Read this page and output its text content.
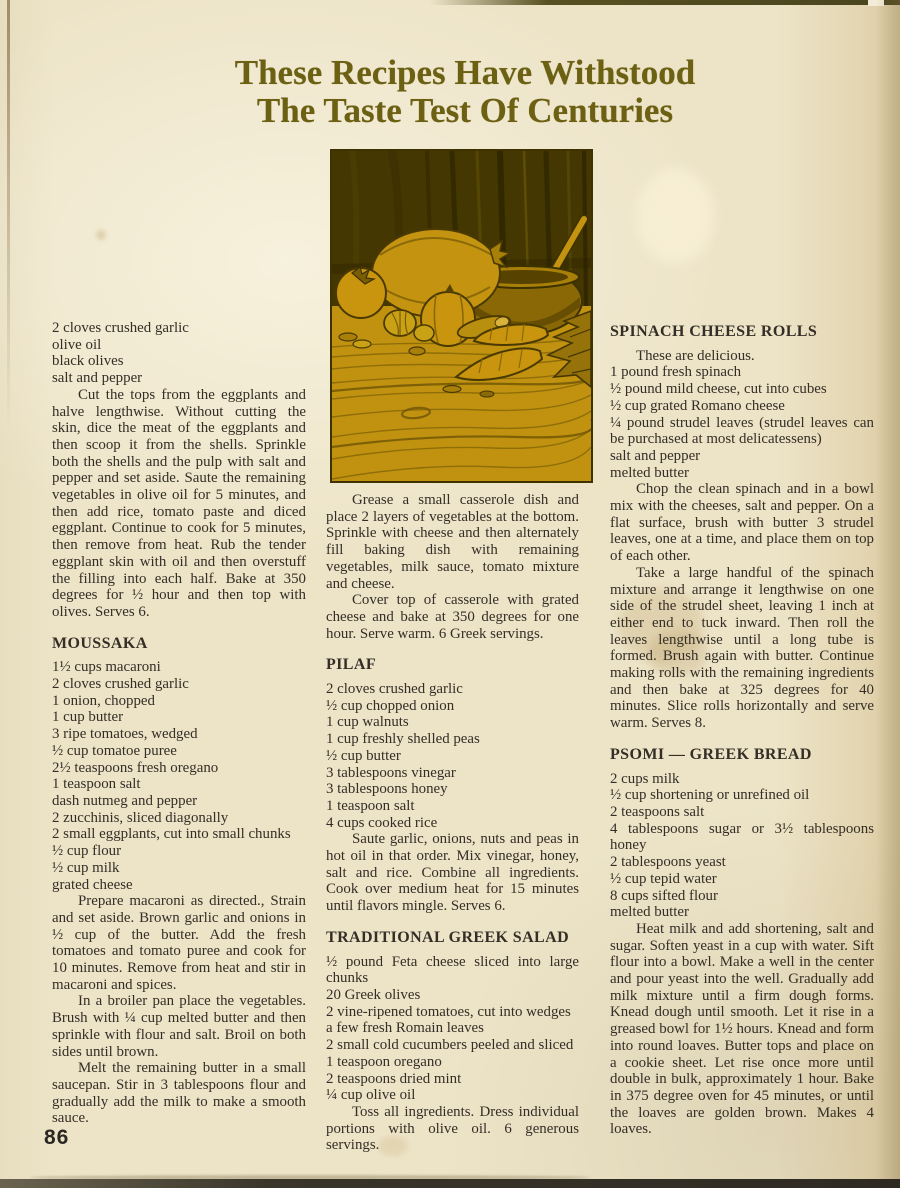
These Recipes Have Withstood
The Taste Test Of Centuries
2 cloves crushed garlic
olive oil
black olives
salt and pepper

Cut the tops from the eggplants and halve lengthwise. Without cutting the skin, dice the meat of the eggplants and then scoop it from the shells. Sprinkle both the shells and the pulp with salt and pepper and set aside. Saute the remaining vegetables in olive oil for 5 minutes, and then add rice, tomato paste and diced eggplant. Continue to cook for 5 minutes, then remove from heat. Rub the tender eggplant skin with oil and then overstuff the filling into each half. Bake at 350 degrees for ½ hour and then top with olives. Serves 6.

MOUSSAKA
1½ cups macaroni
2 cloves crushed garlic
1 onion, chopped
1 cup butter
3 ripe tomatoes, wedged
½ cup tomatoe puree
2½ teaspoons fresh oregano
1 teaspoon salt
dash nutmeg and pepper
2 zucchinis, sliced diagonally
2 small eggplants, cut into small chunks
½ cup flour
½ cup milk
grated cheese

Prepare macaroni as directed., Strain and set aside. Brown garlic and onions in ½ cup of the butter. Add the fresh tomatoes and tomato puree and cook for 10 minutes. Remove from heat and stir in macaroni and spices.

In a broiler pan place the vegetables. Brush with ¼ cup melted butter and then sprinkle with flour and salt. Broil on both sides until brown.

Melt the remaining butter in a small saucepan. Stir in 3 tablespoons flour and gradually add the milk to make a smooth sauce.

Grease a small casserole dish and place 2 layers of vegetables at the bottom. Sprinkle with cheese and then alternately fill baking dish with remaining vegetables, milk sauce, tomato mixture and cheese.

Cover top of casserole with grated cheese and bake at 350 degrees for one hour. Serve warm. 6 Greek servings.

PILAF
2 cloves crushed garlic
½ cup chopped onion
1 cup walnuts
1 cup freshly shelled peas
½ cup butter
3 tablespoons vinegar
3 tablespoons honey
1 teaspoon salt
4 cups cooked rice

Saute garlic, onions, nuts and peas in hot oil in that order. Mix vinegar, honey, salt and rice. Combine all ingredients. Cook over medium heat for 15 minutes until flavors mingle. Serves 6.

TRADITIONAL GREEK SALAD
½ pound Feta cheese sliced into large chunks
20 Greek olives
2 vine-ripened tomatoes, cut into wedges
a few fresh Romain leaves
2 small cold cucumbers peeled and sliced
1 teaspoon oregano
2 teaspoons dried mint
¼ cup olive oil

Toss all ingredients. Dress individual portions with olive oil. 6 generous servings.

SPINACH CHEESE ROLLS

These are delicious.

1 pound fresh spinach
½ pound mild cheese, cut into cubes
½ cup grated Romano cheese
¼ pound strudel leaves (strudel leaves can be purchased at most delicatessens)
salt and pepper
melted butter

Chop the clean spinach and in a bowl mix with the cheeses, salt and pepper. On a flat surface, brush with butter 3 strudel leaves, one at a time, and place them on top of each other.

Take a large handful of the spinach mixture and arrange it lengthwise on one side of the strudel sheet, leaving 1 inch at either end to tuck inward. Then roll the leaves lengthwise until a long tube is formed. Brush again with butter. Continue making rolls with the remaining ingredients and then bake at 325 degrees for 40 minutes. Slice rolls horizontally and serve warm. Serves 8.

PSOMI — GREEK BREAD
2 cups milk
½ cup shortening or unrefined oil
2 teaspoons salt
4 tablespoons sugar or 3½ tablespoons honey
2 tablespoons yeast
½ cup tepid water
8 cups sifted flour
melted butter

Heat milk and add shortening, salt and sugar. Soften yeast in a cup with water. Sift flour into a bowl. Make a well in the center and pour yeast into the well. Gradually add milk mixture until a firm dough forms. Knead dough until smooth. Let it rise in a greased bowl for 1½ hours. Knead and form into round loaves. Butter tops and place on a cookie sheet. Let rise once more until double in bulk, approximately 1 hour. Bake in 375 degree oven for 45 minutes, or until the loaves are golden brown. Makes 4 loaves.

86
